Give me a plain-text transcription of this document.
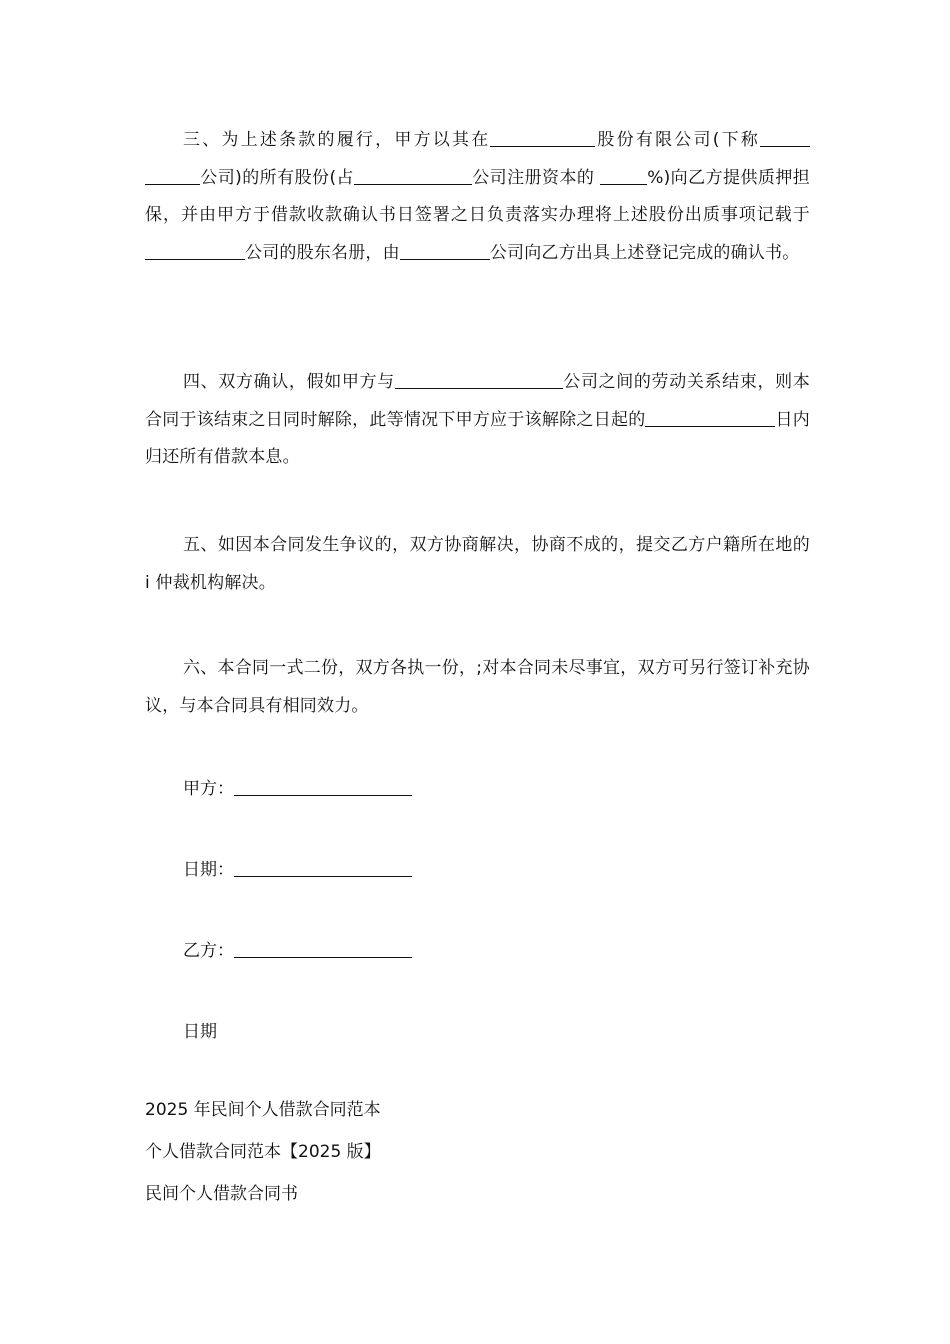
三、为上述条款的履行，甲方以其在	股份有限公司(下称公司)的所有股份(占	公司注册资本的	%)向乙方提供质押担保，并由甲方于借款收款确认书日签署之日负责落实办理将上述股份出质事项记载于公司的股东名册，由	公司向乙方出具上述登记完成的确认书。

四、双方确认，假如甲方与	公司之间的劳动关系结束，则本合同于该结束之日同时解除，此等情况下甲方应于该解除之日起的	日内归还所有借款本息。

五、如因本合同发生争议的，双方协商解决，协商不成的，提交乙方户籍所在地的 i 仲裁机构解决。

六、本合同一式二份，双方各执一份，;对本合同未尽事宜，双方可另行签订补充协议，与本合同具有相同效力。

甲方：
日期：
乙方：
日期
2025 年民间个人借款合同范本
个人借款合同范本【2025 版】
民间个人借款合同书
